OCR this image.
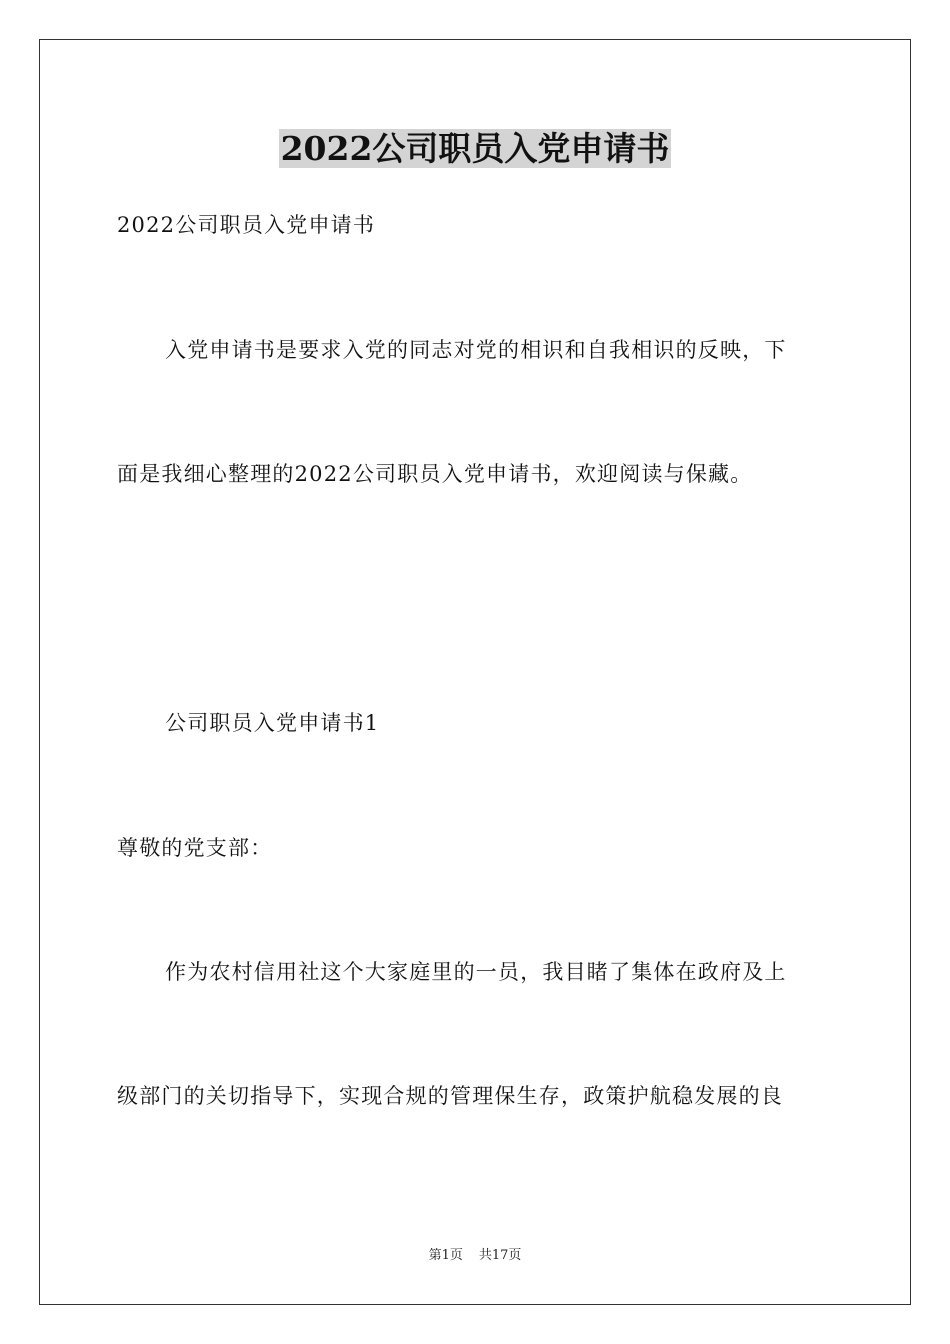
2022公司职员入党申请书
2022公司职员入党申请书
入党申请书是要求入党的同志对党的相识和自我相识的反映，下
面是我细心整理的2022公司职员入党申请书，欢迎阅读与保藏。
公司职员入党申请书1
尊敬的党支部：
作为农村信用社这个大家庭里的一员，我目睹了集体在政府及上
级部门的关切指导下，实现合规的管理保生存，政策护航稳发展的良
第1页 共17页
